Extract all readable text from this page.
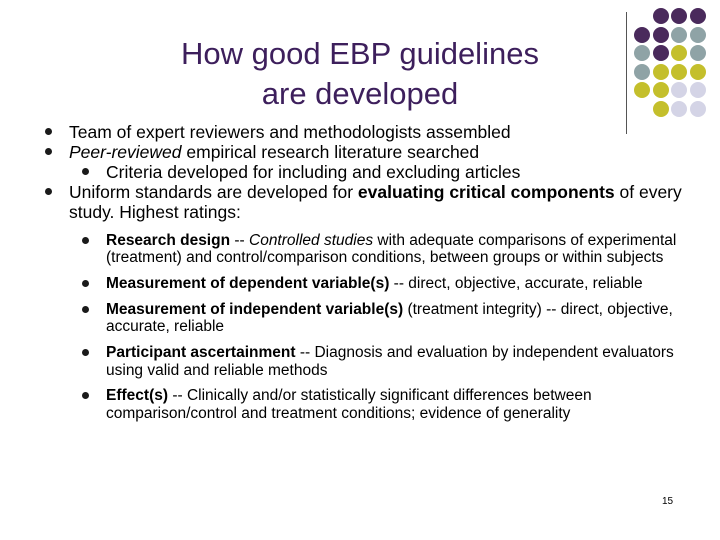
How good EBP guidelines
are developed
Team of expert reviewers and methodologists assembled
Peer-reviewed empirical research literature searched
Criteria developed for including and excluding articles
Uniform standards are developed for evaluating critical components of every study. Highest ratings:
Research design -- Controlled studies with adequate comparisons of experimental (treatment) and control/comparison conditions, between groups or within subjects
Measurement of dependent variable(s) -- direct, objective, accurate, reliable
Measurement of independent variable(s) (treatment integrity) -- direct, objective, accurate, reliable
Participant ascertainment -- Diagnosis and evaluation by independent evaluators using valid and reliable methods
Effect(s) -- Clinically and/or statistically significant differences between comparison/control and treatment conditions; evidence of generality
15
